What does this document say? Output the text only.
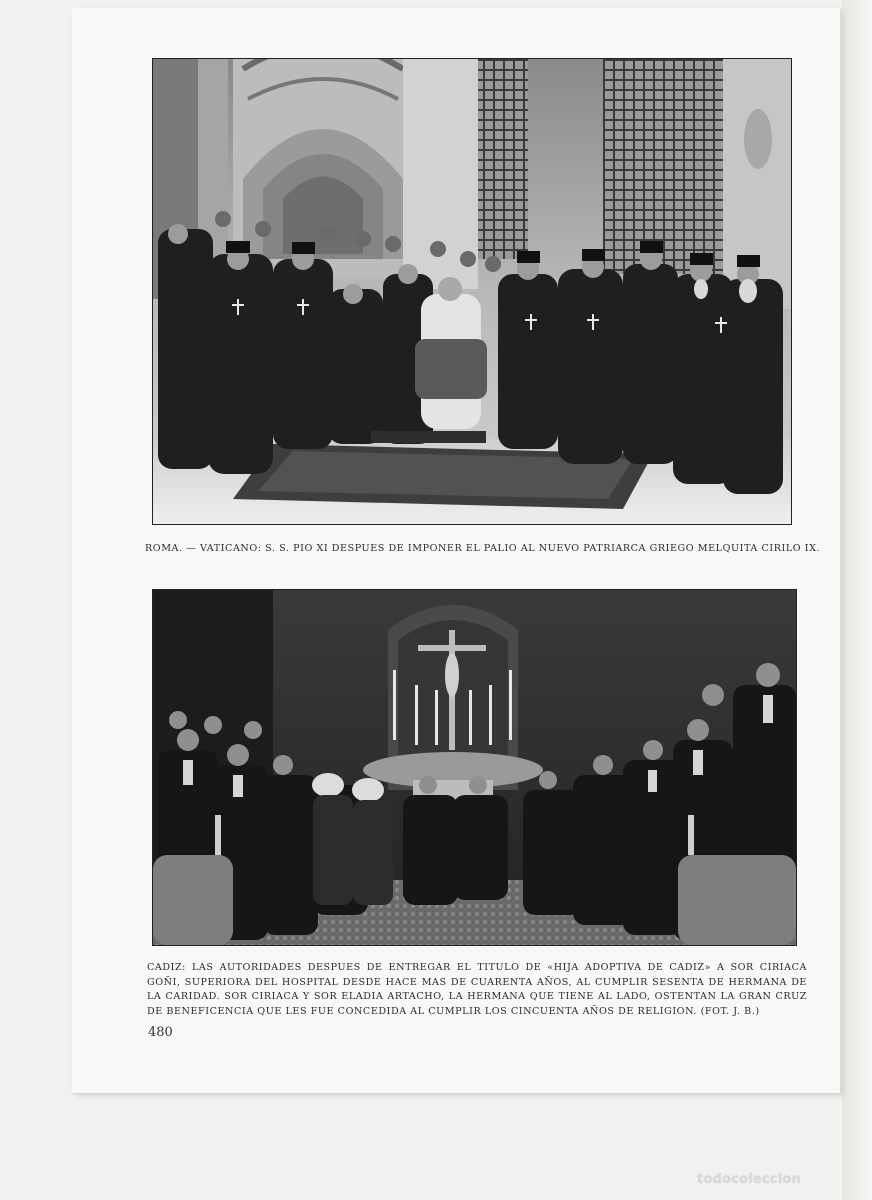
ROMA. — VATICANO: S. S. PIO XI DESPUES DE IMPONER EL PALIO AL NUEVO PATRIARCA GRIEGO MELQUITA CIRILO IX.
CADIZ: LAS AUTORIDADES DESPUES DE ENTREGAR EL TITULO DE «HIJA ADOPTIVA DE CADIZ» A SOR CIRIACA GOÑI, SUPERIORA DEL HOSPITAL DESDE HACE MAS DE CUARENTA AÑOS, AL CUMPLIR SESENTA DE HERMANA DE LA CARIDAD. SOR CIRIACA Y SOR ELADIA ARTACHO, LA HERMANA QUE TIENE AL LADO, OSTENTAN LA GRAN CRUZ DE BENEFICENCIA QUE LES FUE CONCEDIDA AL CUMPLIR LOS CINCUENTA AÑOS DE RELIGION. (FOT. J. B.)
480
todocoleccion
